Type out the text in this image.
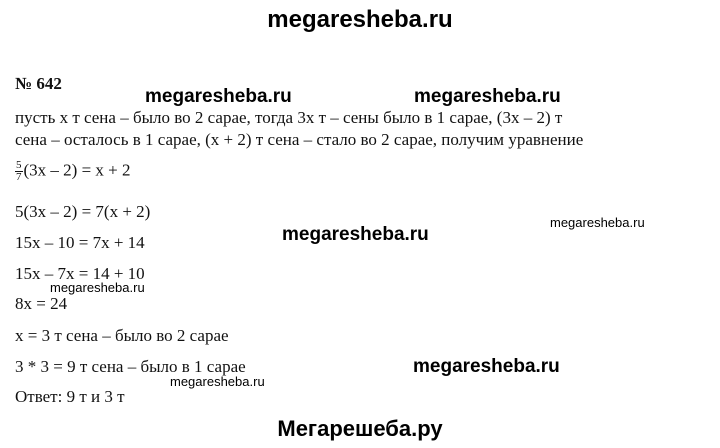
megaresheba.ru
№ 642
megaresheba.ru	megaresheba.ru
пусть х т сена – было во 2 сарае, тогда 3х т – сены было в 1 сарае, (3х – 2) т
сена – осталось в 1 сарае, (х + 2) т сена – стало во 2 сарае, получим уравнение
$\frac{5}{7} (3х - 2) = х + 2$
5(3х – 2) = 7(х + 2)
megaresheba.ru
megaresheba.ru
15х – 10 = 7х + 14
15х – 7х = 14 + 10
megaresheba.ru
8х = 24
х = 3 т сена – было во 2 сарае
3 * 3 = 9 т сена – было в 1 сарае	megaresheba.ru
megaresheba.ru
Ответ: 9 т и 3 т
Мегарешеба.ру
